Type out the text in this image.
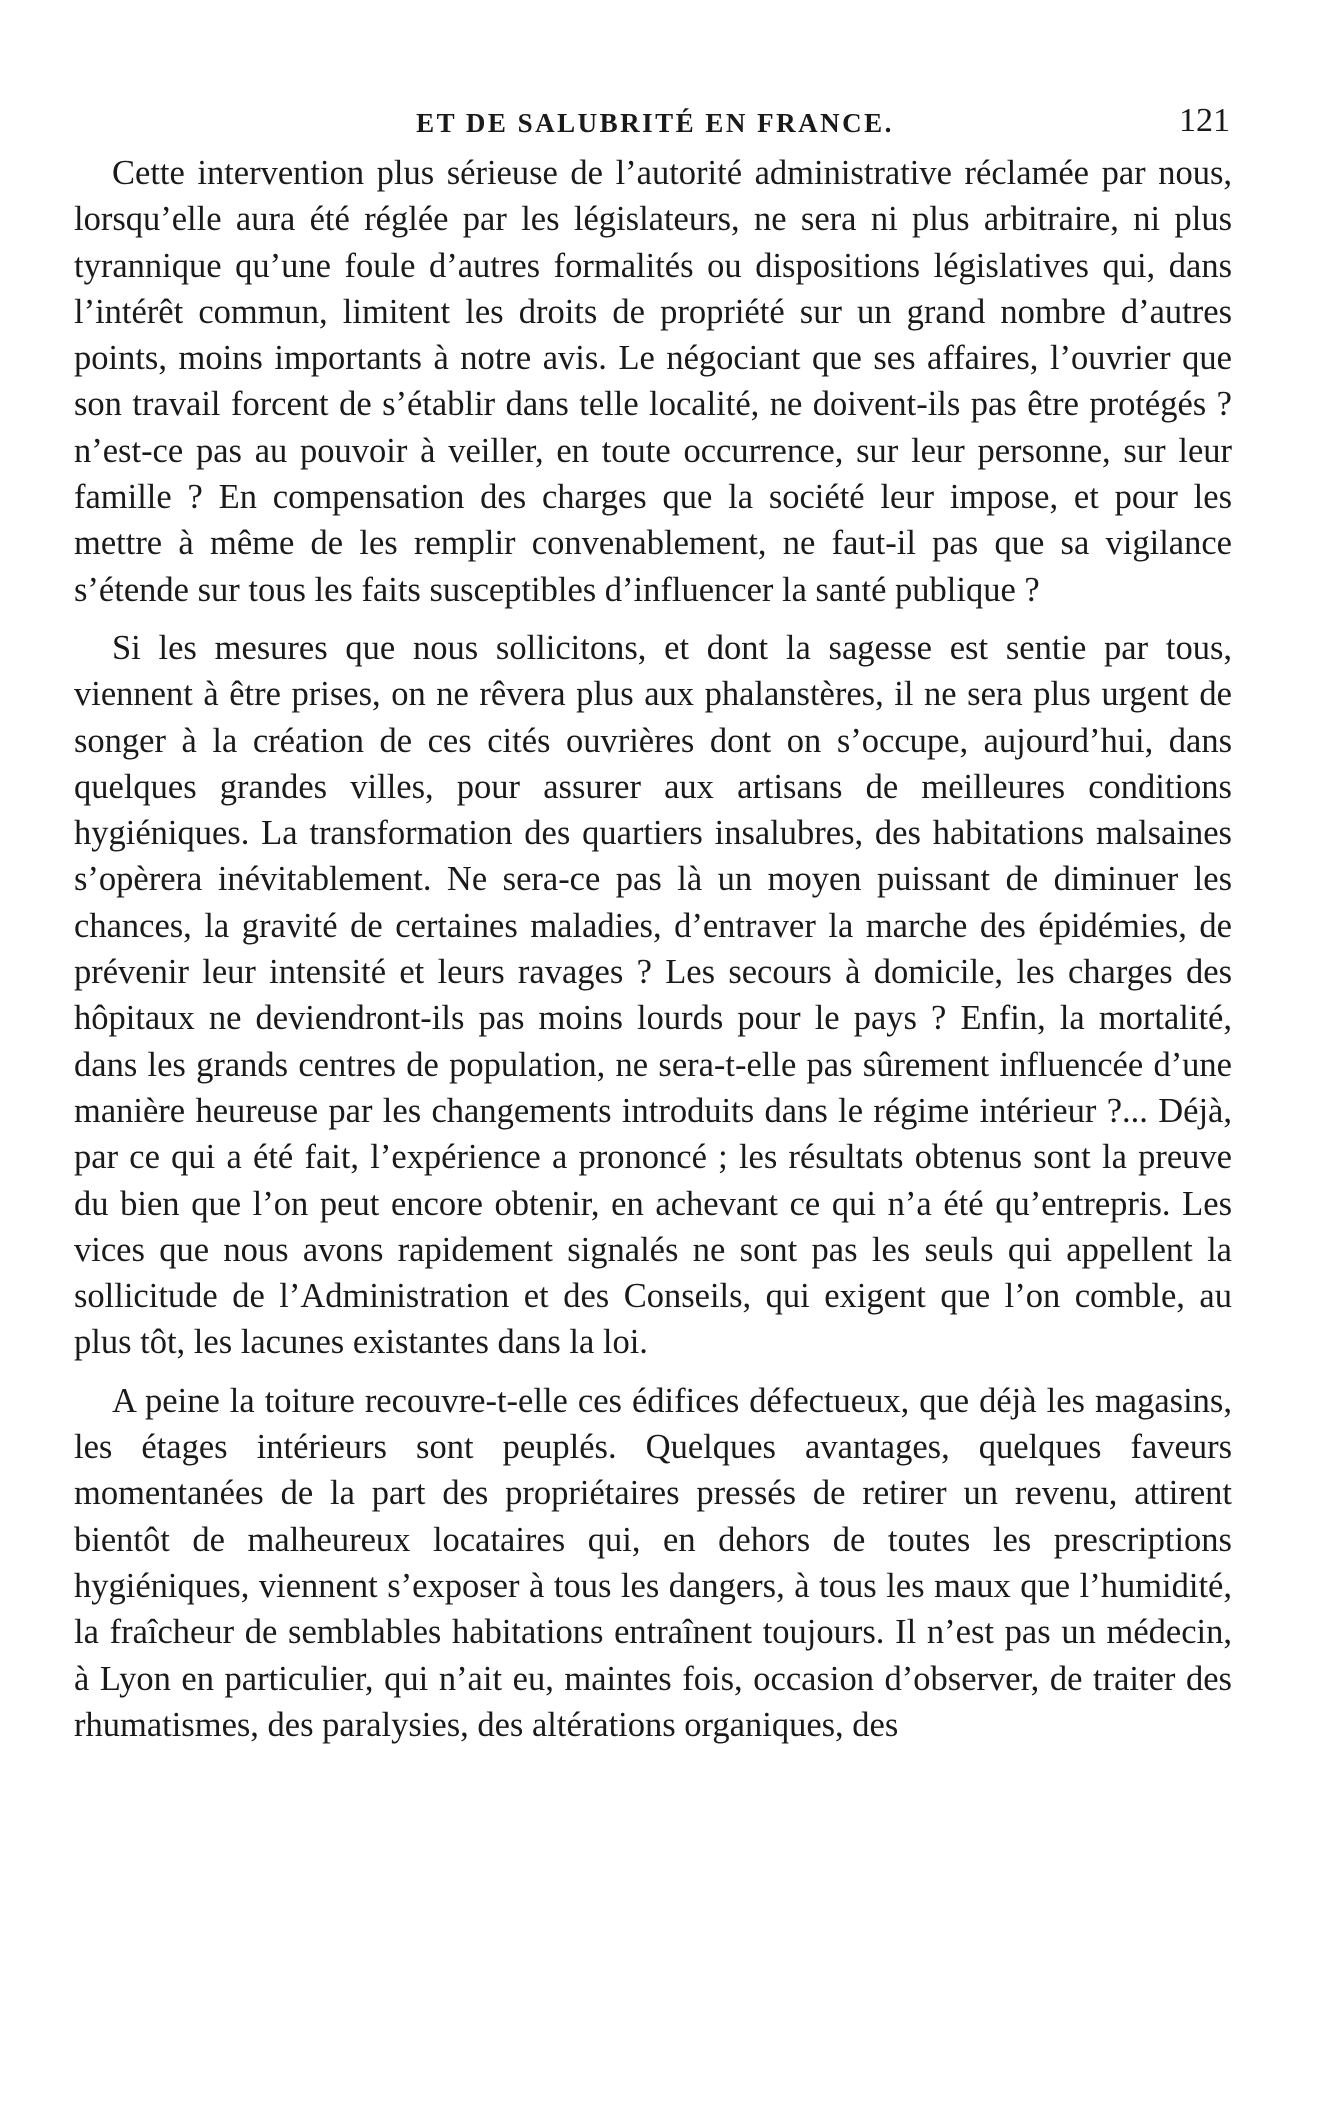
ET DE SALUBRITÉ EN FRANCE.	121

Cette intervention plus sérieuse de l’autorité administrative réclamée par nous, lorsqu’elle aura été réglée par les législateurs, ne sera ni plus arbitraire, ni plus tyrannique qu’une foule d’autres formalités ou dispositions législatives qui, dans l’intérêt commun, limitent les droits de propriété sur un grand nombre d’autres points, moins importants à notre avis. Le négociant que ses affaires, l’ouvrier que son travail forcent de s’établir dans telle localité, ne doivent-ils pas être protégés ? n’est-ce pas au pouvoir à veiller, en toute occurrence, sur leur personne, sur leur famille ? En compensation des charges que la société leur impose, et pour les mettre à même de les remplir convenablement, ne faut-il pas que sa vigilance s’étende sur tous les faits susceptibles d’influencer la santé publique ?

Si les mesures que nous sollicitons, et dont la sagesse est sentie par tous, viennent à être prises, on ne rêvera plus aux phalanstères, il ne sera plus urgent de songer à la création de ces cités ouvrières dont on s’occupe, aujourd’hui, dans quelques grandes villes, pour assurer aux artisans de meilleures conditions hygiéniques. La transformation des quartiers insalubres, des habitations malsaines s’opèrera inévitablement. Ne sera-ce pas là un moyen puissant de diminuer les chances, la gravité de certaines maladies, d’entraver la marche des épidémies, de prévenir leur intensité et leurs ravages ? Les secours à domicile, les charges des hôpitaux ne deviendront-ils pas moins lourds pour le pays ? Enfin, la mortalité, dans les grands centres de population, ne sera-t-elle pas sûrement influencée d’une manière heureuse par les changements introduits dans le régime intérieur ?... Déjà, par ce qui a été fait, l’expérience a prononcé ; les résultats obtenus sont la preuve du bien que l’on peut encore obtenir, en achevant ce qui n’a été qu’entrepris. Les vices que nous avons rapidement signalés ne sont pas les seuls qui appellent la sollicitude de l’Administration et des Conseils, qui exigent que l’on comble, au plus tôt, les lacunes existantes dans la loi.

A peine la toiture recouvre-t-elle ces édifices défectueux, que déjà les magasins, les étages intérieurs sont peuplés. Quelques avantages, quelques faveurs momentanées de la part des propriétaires pressés de retirer un revenu, attirent bientôt de malheureux locataires qui, en dehors de toutes les prescriptions hygiéniques, viennent s’exposer à tous les dangers, à tous les maux que l’humidité, la fraîcheur de semblables habitations entraînent toujours. Il n’est pas un médecin, à Lyon en particulier, qui n’ait eu, maintes fois, occasion d’observer, de traiter des rhumatismes, des paralysies, des altérations organiques, des
